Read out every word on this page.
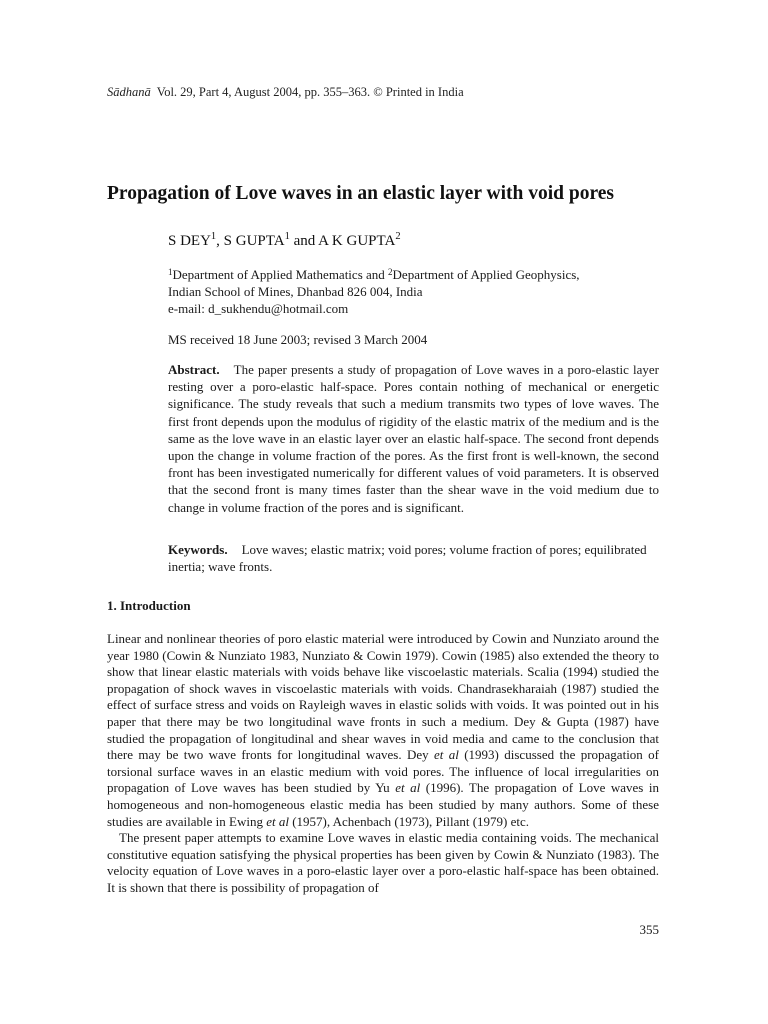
Sādhanā Vol. 29, Part 4, August 2004, pp. 355–363. © Printed in India
Propagation of Love waves in an elastic layer with void pores
S DEY$^1$, S GUPTA$^1$ and A K GUPTA$^2$
$^1$Department of Applied Mathematics and $^2$Department of Applied Geophysics,
Indian School of Mines, Dhanbad 826 004, India
e-mail: d_sukhendu@hotmail.com
MS received 18 June 2003; revised 3 March 2004
Abstract. The paper presents a study of propagation of Love waves in a poro-elastic layer resting over a poro-elastic half-space. Pores contain nothing of mechanical or energetic significance. The study reveals that such a medium transmits two types of love waves. The first front depends upon the modulus of rigidity of the elastic matrix of the medium and is the same as the love wave in an elastic layer over an elastic half-space. The second front depends upon the change in volume fraction of the pores. As the first front is well-known, the second front has been investigated numerically for different values of void parameters. It is observed that the second front is many times faster than the shear wave in the void medium due to change in volume fraction of the pores and is significant.
Keywords. Love waves; elastic matrix; void pores; volume fraction of pores; equilibrated inertia; wave fronts.
1. Introduction

Linear and nonlinear theories of poro elastic material were introduced by Cowin and Nunziato around the year 1980 (Cowin & Nunziato 1983, Nunziato & Cowin 1979). Cowin (1985) also extended the theory to show that linear elastic materials with voids behave like viscoelastic materials. Scalia (1994) studied the propagation of shock waves in viscoelastic materials with voids. Chandrasekharaiah (1987) studied the effect of surface stress and voids on Rayleigh waves in elastic solids with voids. It was pointed out in his paper that there may be two longitudinal wave fronts in such a medium. Dey & Gupta (1987) have studied the propagation of longitudinal and shear waves in void media and came to the conclusion that there may be two wave fronts for longitudinal waves. Dey et al (1993) discussed the propagation of torsional surface waves in an elastic medium with void pores. The influence of local irregularities on propagation of Love waves has been studied by Yu et al (1996). The propagation of Love waves in homogeneous and non-homogeneous elastic media has been studied by many authors. Some of these studies are available in Ewing et al (1957), Achenbach (1973), Pillant (1979) etc.

The present paper attempts to examine Love waves in elastic media containing voids. The mechanical constitutive equation satisfying the physical properties has been given by Cowin & Nunziato (1983). The velocity equation of Love waves in a poro-elastic layer over a poro-elastic half-space has been obtained. It is shown that there is possibility of propagation of

355
